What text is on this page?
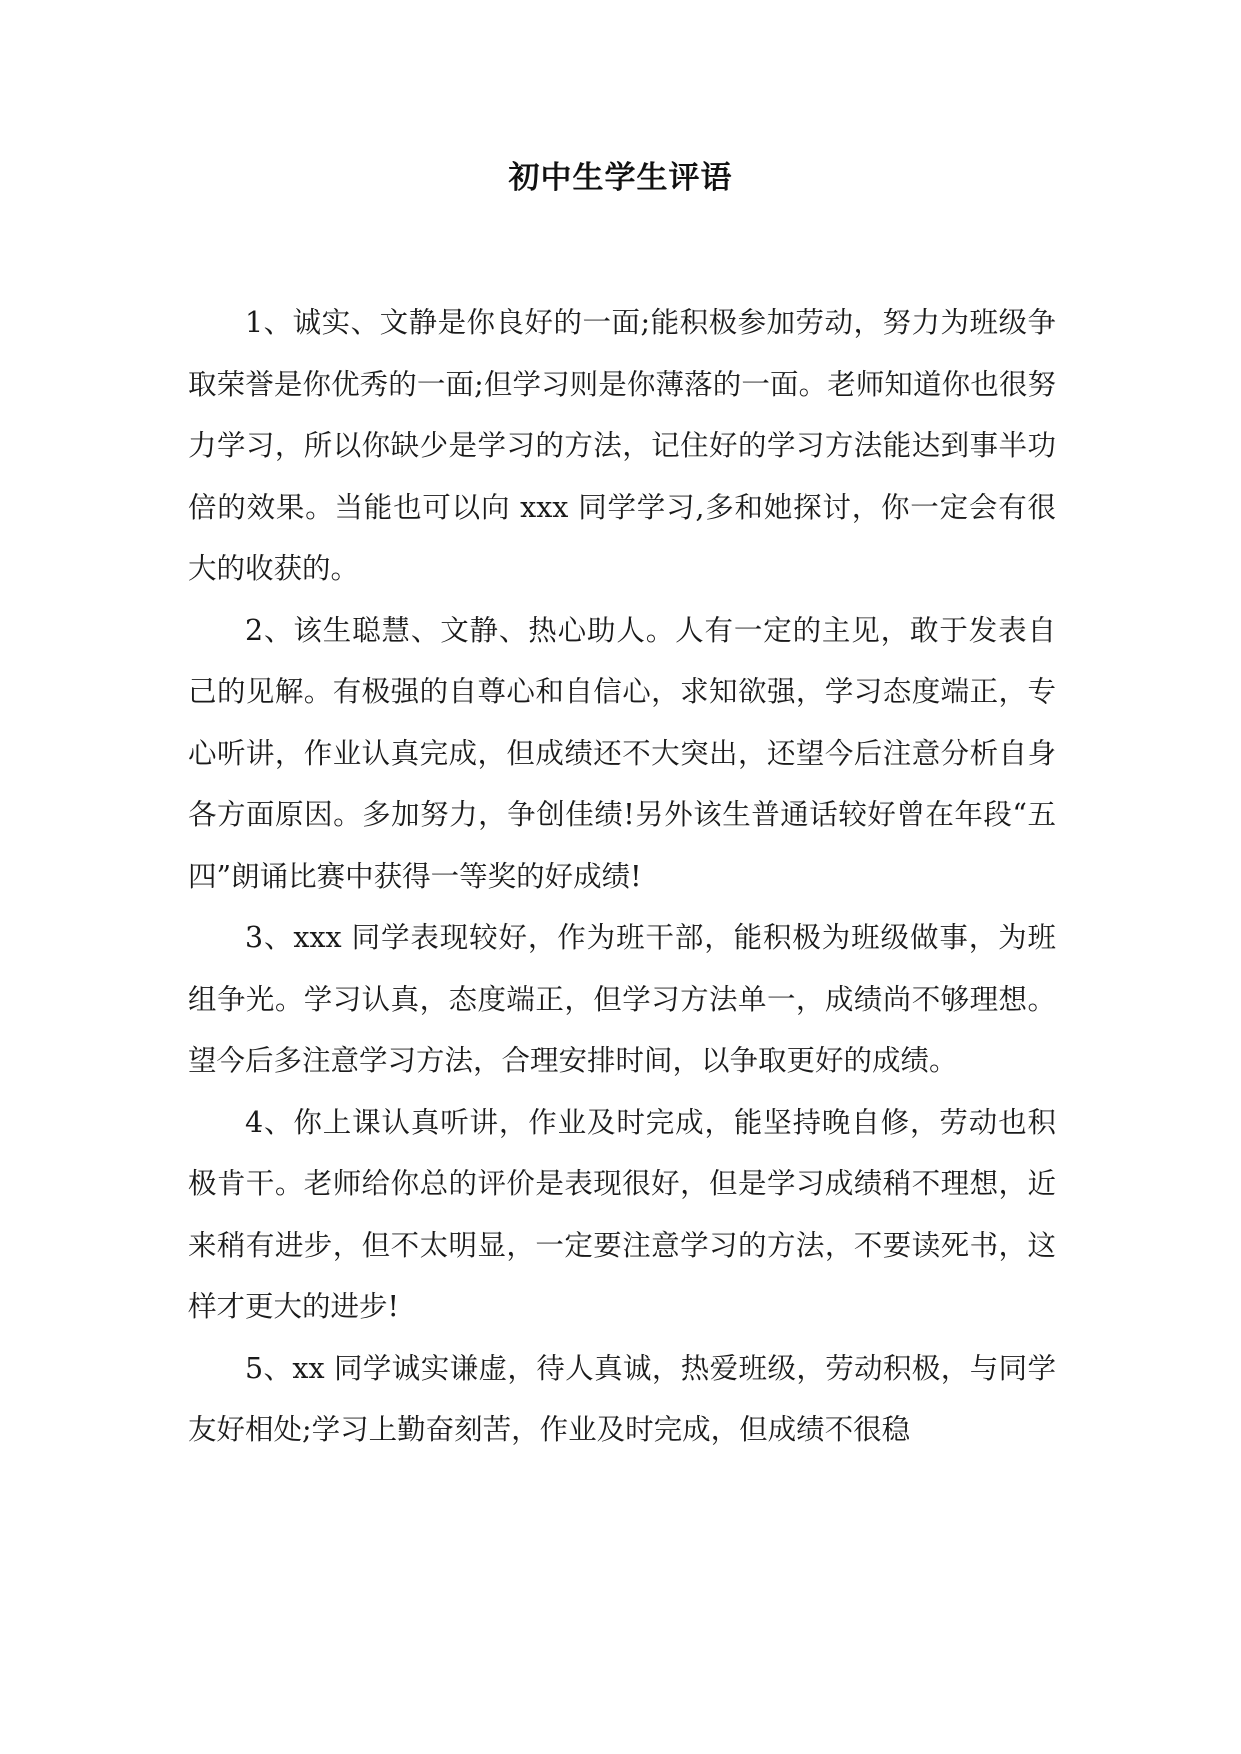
初中生学生评语

1、诚实、文静是你良好的一面;能积极参加劳动，努力为班级争取荣誉是你优秀的一面;但学习则是你薄落的一面。老师知道你也很努力学习，所以你缺少是学习的方法，记住好的学习方法能达到事半功倍的效果。当能也可以向 xxx 同学学习,多和她探讨，你一定会有很大的收获的。

2、该生聪慧、文静、热心助人。人有一定的主见，敢于发表自己的见解。有极强的自尊心和自信心，求知欲强，学习态度端正，专心听讲，作业认真完成，但成绩还不大突出，还望今后注意分析自身各方面原因。多加努力，争创佳绩!另外该生普通话较好曾在年段“五四”朗诵比赛中获得一等奖的好成绩!

3、xxx 同学表现较好，作为班干部，能积极为班级做事，为班组争光。学习认真，态度端正，但学习方法单一，成绩尚不够理想。望今后多注意学习方法，合理安排时间，以争取更好的成绩。

4、你上课认真听讲，作业及时完成，能坚持晚自修，劳动也积极肯干。老师给你总的评价是表现很好，但是学习成绩稍不理想，近来稍有进步，但不太明显，一定要注意学习的方法，不要读死书，这样才更大的进步!

5、xx 同学诚实谦虚，待人真诚，热爱班级，劳动积极，与同学友好相处;学习上勤奋刻苦，作业及时完成，但成绩不很稳
